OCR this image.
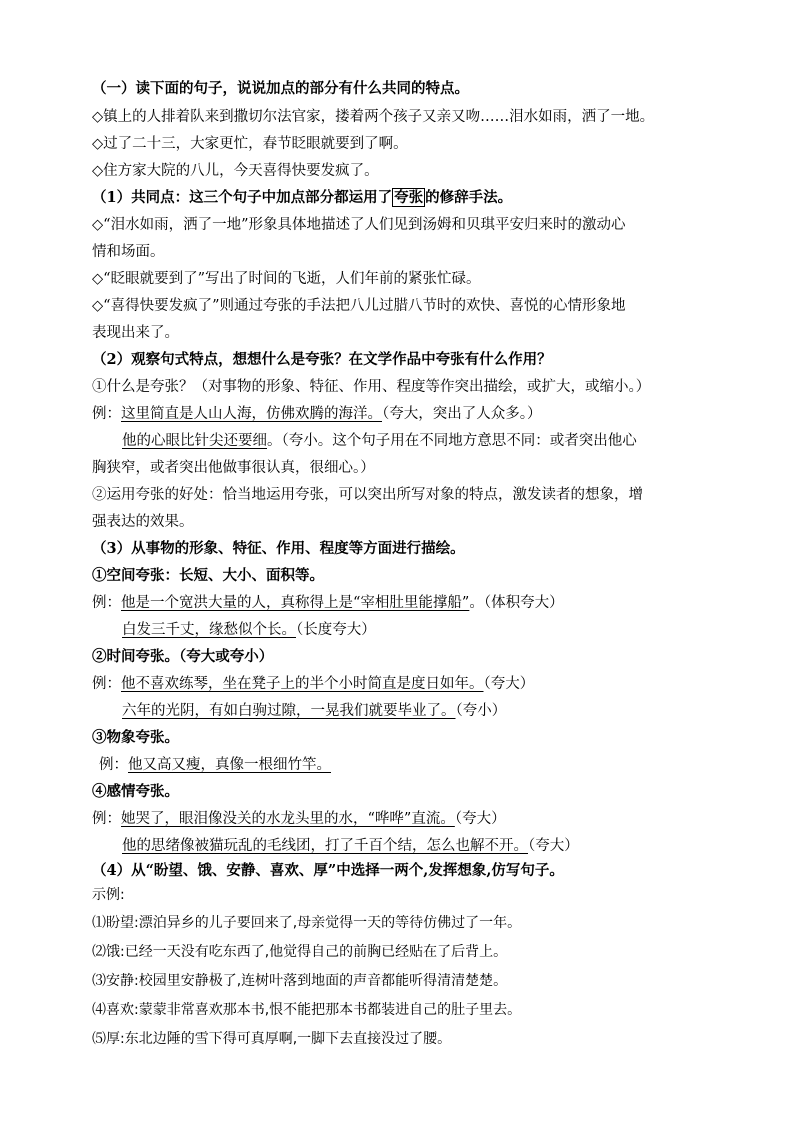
（一）读下面的句子，说说加点的部分有什么共同的特点。
◇镇上的人排着队来到撒切尔法官家，搂着两个孩子又亲又吻……泪水如雨，洒了一地。
◇过了二十三，大家更忙，春节眨眼就要到了啊。
◇住方家大院的八儿，今天喜得快要发疯了。
（1）共同点：这三个句子中加点部分都运用了 夸张 的修辞手法。
◇“泪水如雨，洒了一地”形象具体地描述了人们见到汤姆和贝琪平安归来时的激动心
情和场面。
◇“眨眼就要到了”写出了时间的飞逝，人们年前的紧张忙碌。
◇“喜得快要发疯了”则通过夸张的手法把八儿过腊八节时的欢快、喜悦的心情形象地
表现出来了。
（2）观察句式特点，想想什么是夸张？在文学作品中夸张有什么作用？
①什么是夸张？（对事物的形象、特征、作用、程度等作突出描绘，或扩大，或缩小。）
例：这里简直是人山人海，仿佛欢腾的海洋。（夸大，突出了人众多。）
他的心眼比针尖还要细。（夸小。这个句子用在不同地方意思不同：或者突出他心
胸狭窄，或者突出他做事很认真，很细心。）
②运用夸张的好处：恰当地运用夸张，可以突出所写对象的特点，激发读者的想象，增
强表达的效果。
（3）从事物的形象、特征、作用、程度等方面进行描绘。
①空间夸张：长短、大小、面积等。
例：他是一个宽洪大量的人，真称得上是“宰相肚里能撑船”。（体积夸大）
白发三千丈，缘愁似个长。（长度夸大）
②时间夸张。（夸大或夸小）
例：他不喜欢练琴，坐在凳子上的半个小时简直是度日如年。（夸大）
六年的光阴，有如白驹过隙，一晃我们就要毕业了。（夸小）
③物象夸张。
例：他又高又瘦，真像一根细竹竿。
④感情夸张。
例：她哭了，眼泪像没关的水龙头里的水，“哗哗”直流。（夸大）
他的思绪像被猫玩乱的毛线团，打了千百个结，怎么也解不开。（夸大）
（4）从“盼望、饿、安静、喜欢、厚”中选择一两个,发挥想象,仿写句子。
示例:
⑴盼望:漂泊异乡的儿子要回来了,母亲觉得一天的等待仿佛过了一年。
⑵饿:已经一天没有吃东西了,他觉得自己的前胸已经贴在了后背上。
⑶安静:校园里安静极了,连树叶落到地面的声音都能听得清清楚楚。
⑷喜欢:蒙蒙非常喜欢那本书,恨不能把那本书都装进自己的肚子里去。
⑸厚:东北边陲的雪下得可真厚啊,一脚下去直接没过了腰。
